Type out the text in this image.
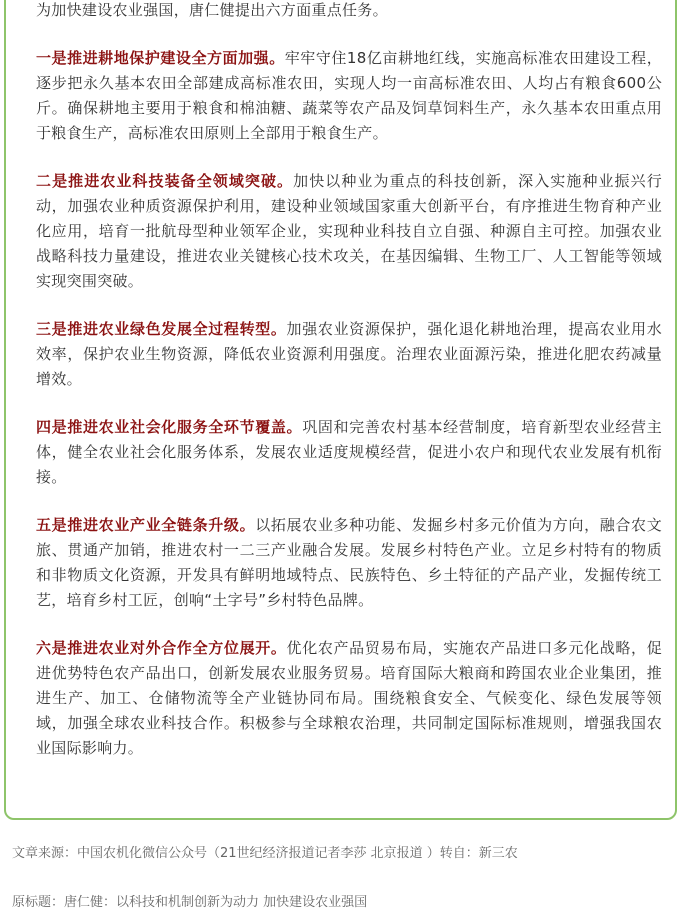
为加快建设农业强国，唐仁健提出六方面重点任务。

一是推进耕地保护建设全方面加强。牢牢守住18亿亩耕地红线，实施高标准农田建设工程，逐步把永久基本农田全部建成高标准农田，实现人均一亩高标准农田、人均占有粮食600公斤。确保耕地主要用于粮食和棉油糖、蔬菜等农产品及饲草饲料生产，永久基本农田重点用于粮食生产，高标准农田原则上全部用于粮食生产。

二是推进农业科技装备全领域突破。加快以种业为重点的科技创新，深入实施种业振兴行动，加强农业种质资源保护利用，建设种业领域国家重大创新平台，有序推进生物育种产业化应用，培育一批航母型种业领军企业，实现种业科技自立自强、种源自主可控。加强农业战略科技力量建设，推进农业关键核心技术攻关，在基因编辑、生物工厂、人工智能等领域实现突围突破。

三是推进农业绿色发展全过程转型。加强农业资源保护，强化退化耕地治理，提高农业用水效率，保护农业生物资源，降低农业资源利用强度。治理农业面源污染，推进化肥农药减量增效。

四是推进农业社会化服务全环节覆盖。巩固和完善农村基本经营制度，培育新型农业经营主体，健全农业社会化服务体系，发展农业适度规模经营，促进小农户和现代农业发展有机衔接。

五是推进农业产业全链条升级。以拓展农业多种功能、发掘乡村多元价值为方向，融合农文旅、贯通产加销，推进农村一二三产业融合发展。发展乡村特色产业。立足乡村特有的物质和非物质文化资源，开发具有鲜明地域特点、民族特色、乡土特征的产品产业，发掘传统工艺，培育乡村工匠，创响“土字号”乡村特色品牌。

六是推进农业对外合作全方位展开。优化农产品贸易布局，实施农产品进口多元化战略，促进优势特色农产品出口，创新发展农业服务贸易。培育国际大粮商和跨国农业企业集团，推进生产、加工、仓储物流等全产业链协同布局。围绕粮食安全、气候变化、绿色发展等领域，加强全球农业科技合作。积极参与全球粮农治理，共同制定国际标准规则，增强我国农业国际影响力。

文章来源：中国农机化微信公众号（21世纪经济报道记者李莎 北京报道 ）转自：新三农
原标题：唐仁健：以科技和机制创新为动力 加快建设农业强国
